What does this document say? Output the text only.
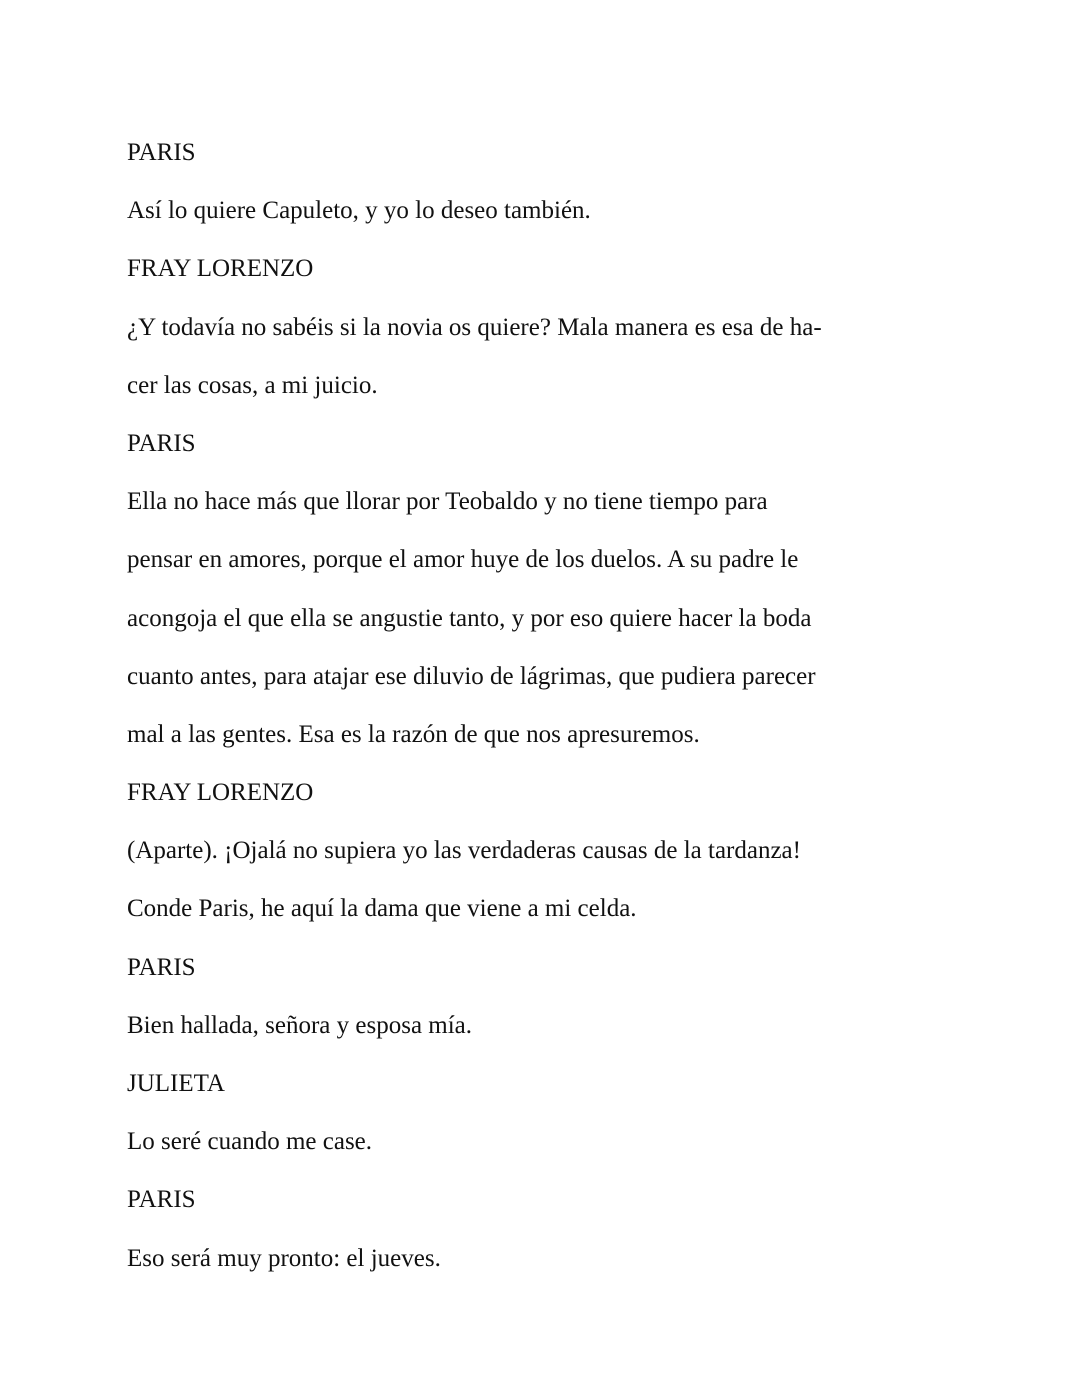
PARIS
Así lo quiere Capuleto, y yo lo deseo también.
FRAY LORENZO
¿Y todavía no sabéis si la novia os quiere? Mala manera es esa de ha-
cer las cosas, a mi juicio.
PARIS
Ella no hace más que llorar por Teobaldo y no tiene tiempo para
pensar en amores, porque el amor huye de los duelos. A su padre le
acongoja el que ella se angustie tanto, y por eso quiere hacer la boda
cuanto antes, para atajar ese diluvio de lágrimas, que pudiera parecer
mal a las gentes. Esa es la razón de que nos apresuremos.
FRAY LORENZO
(Aparte). ¡Ojalá no supiera yo las verdaderas causas de la tardanza!
Conde Paris, he aquí la dama que viene a mi celda.
PARIS
Bien hallada, señora y esposa mía.
JULIETA
Lo seré cuando me case.
PARIS
Eso será muy pronto: el jueves.
